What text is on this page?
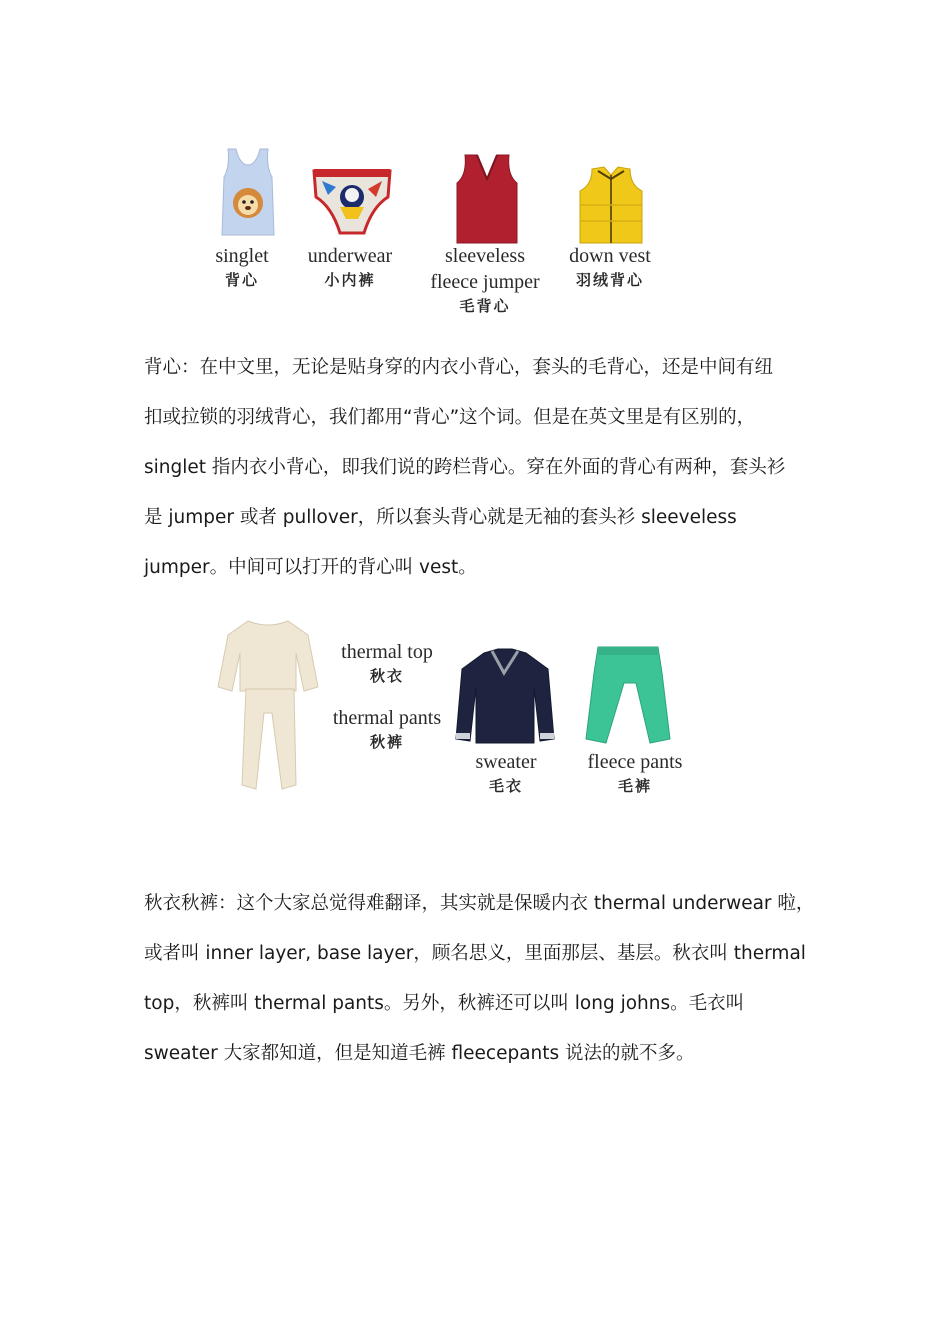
singlet
背心
underwear
小内裤
sleeveless
fleece jumper
毛背心
down vest
羽绒背心
背心：在中文里，无论是贴身穿的内衣小背心，套头的毛背心，还是中间有纽
扣或拉锁的羽绒背心，我们都用“背心”这个词。但是在英文里是有区别的，
singlet 指内衣小背心，即我们说的跨栏背心。穿在外面的背心有两种，套头衫
是 jumper 或者 pullover，所以套头背心就是无袖的套头衫 sleeveless
jumper。中间可以打开的背心叫 vest。
thermal top
秋衣
thermal pants
秋裤
sweater
毛衣
fleece pants
毛裤
秋衣秋裤：这个大家总觉得难翻译，其实就是保暖内衣 thermal underwear 啦，
或者叫 inner layer, base layer，顾名思义，里面那层、基层。秋衣叫 thermal
top，秋裤叫 thermal pants。另外，秋裤还可以叫 long johns。毛衣叫
sweater 大家都知道，但是知道毛裤 fleecepants 说法的就不多。
